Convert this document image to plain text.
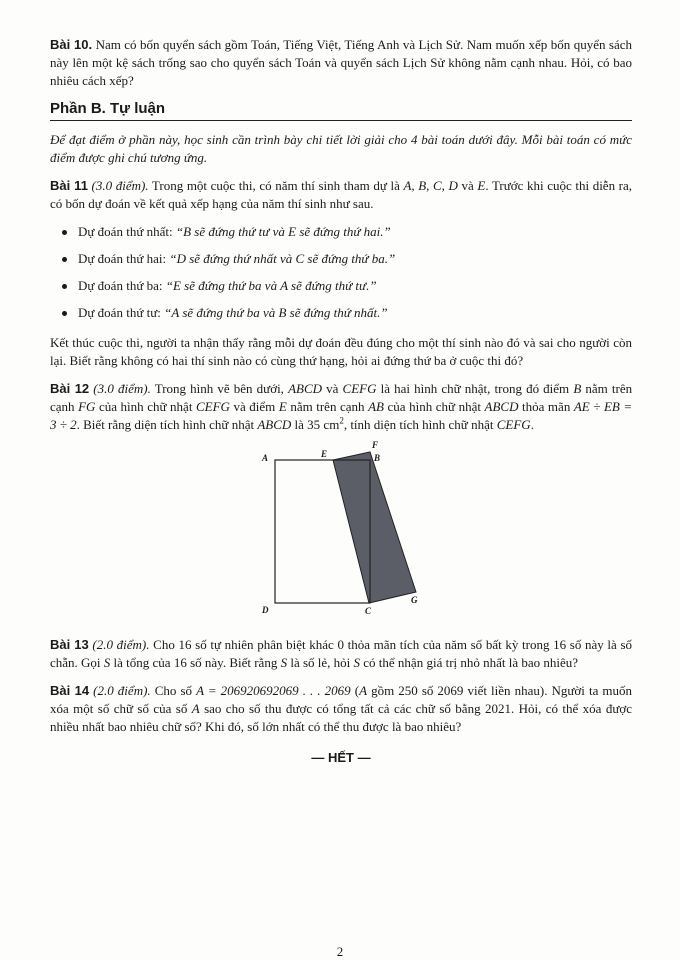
Bài 10. Nam có bốn quyển sách gồm Toán, Tiếng Việt, Tiếng Anh và Lịch Sử. Nam muốn xếp bốn quyển sách này lên một kệ sách trống sao cho quyển sách Toán và quyển sách Lịch Sử không nằm cạnh nhau. Hỏi, có bao nhiêu cách xếp?

Phần B. Tự luận

Để đạt điểm ở phần này, học sinh cần trình bày chi tiết lời giải cho 4 bài toán dưới đây. Mỗi bài toán có mức điểm được ghi chú tương ứng.

Bài 11 (3.0 điểm). Trong một cuộc thi, có năm thí sinh tham dự là A, B, C, D và E. Trước khi cuộc thi diễn ra, có bốn dự đoán về kết quả xếp hạng của năm thí sinh như sau.

Dự đoán thứ nhất: “B sẽ đứng thứ tư và E sẽ đứng thứ hai.”
Dự đoán thứ hai: “D sẽ đứng thứ nhất và C sẽ đứng thứ ba.”
Dự đoán thứ ba: “E sẽ đứng thứ ba và A sẽ đứng thứ tư.”
Dự đoán thứ tư: “A sẽ đứng thứ ba và B sẽ đứng thứ nhất.”

Kết thúc cuộc thi, người ta nhận thấy rằng mỗi dự đoán đều đúng cho một thí sinh nào đó và sai cho người còn lại. Biết rằng không có hai thí sinh nào có cùng thứ hạng, hỏi ai đứng thứ ba ở cuộc thi đó?

Bài 12 (3.0 điểm). Trong hình vẽ bên dưới, ABCD và CEFG là hai hình chữ nhật, trong đó điểm B nằm trên cạnh FG của hình chữ nhật CEFG và điểm E nằm trên cạnh AB của hình chữ nhật ABCD thỏa mãn AE ÷ EB = 3 ÷ 2. Biết rằng diện tích hình chữ nhật ABCD là 35 $cm^2$, tính diện tích hình chữ nhật CEFG.

A	E
F
B
D	C
G

Bài 13 (2.0 điểm). Cho 16 số tự nhiên phân biệt khác 0 thỏa mãn tích của năm số bất kỳ trong 16 số này là số chẵn. Gọi S là tổng của 16 số này. Biết rằng S là số lẻ, hỏi S có thể nhận giá trị nhỏ nhất là bao nhiêu?

Bài 14 (2.0 điểm). Cho số A = 206920692069 . . . 2069 (A gồm 250 số 2069 viết liền nhau). Người ta muốn xóa một số chữ số của số A sao cho số thu được có tổng tất cả các chữ số bằng 2021. Hỏi, có thể xóa được nhiều nhất bao nhiêu chữ số? Khi đó, số lớn nhất có thể thu được là bao nhiêu?

— HẾT —
2
